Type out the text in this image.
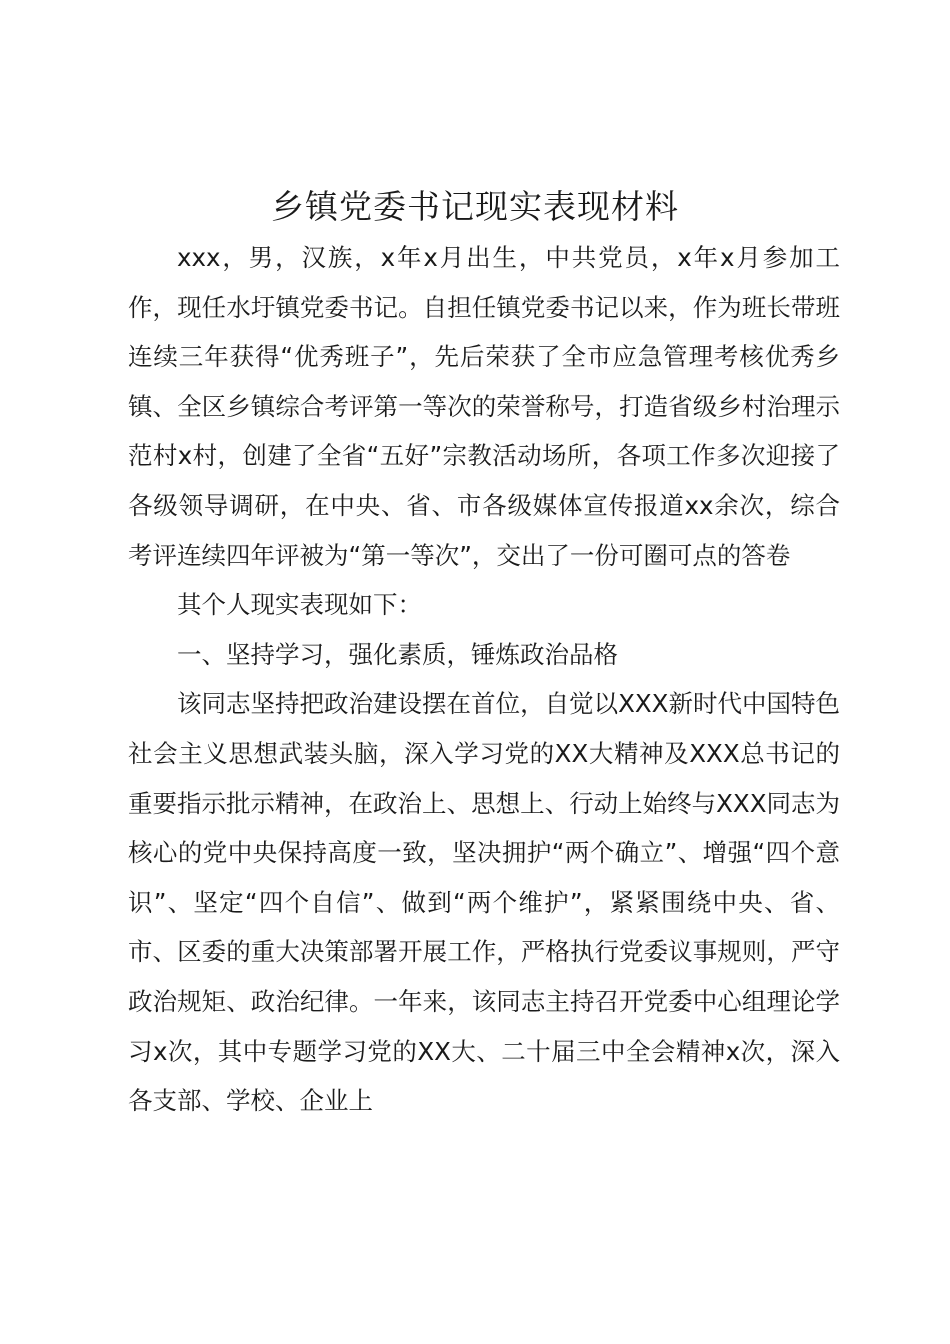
乡镇党委书记现实表现材料

xxx，男，汉族，x年x月出生，中共党员，x年x月参加工作，现任水圩镇党委书记。自担任镇党委书记以来，作为班长带班连续三年获得“优秀班子”，先后荣获了全市应急管理考核优秀乡镇、全区乡镇综合考评第一等次的荣誉称号，打造省级乡村治理示范村x村，创建了全省“五好”宗教活动场所，各项工作多次迎接了各级领导调研，在中央、省、市各级媒体宣传报道xx余次，综合考评连续四年评被为“第一等次”，交出了一份可圈可点的答卷

其个人现实表现如下：

一、坚持学习，强化素质，锤炼政治品格

该同志坚持把政治建设摆在首位，自觉以XXX新时代中国特色社会主义思想武装头脑，深入学习党的XX大精神及XXX总书记的重要指示批示精神，在政治上、思想上、行动上始终与XXX同志为核心的党中央保持高度一致，坚决拥护“两个确立”、增强“四个意识”、坚定“四个自信”、做到“两个维护”，紧紧围绕中央、省、市、区委的重大决策部署开展工作，严格执行党委议事规则，严守政治规矩、政治纪律。一年来，该同志主持召开党委中心组理论学习x次，其中专题学习党的XX大、二十届三中全会精神x次，深入各支部、学校、企业上
